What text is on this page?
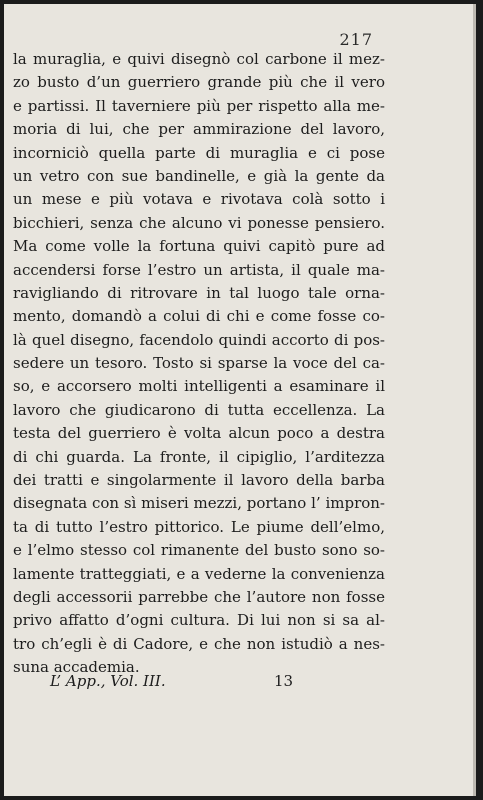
217
la muraglia, e quivi disegnò col carbone il mez-
zo busto d’un guerriero grande più che il vero
e partissi. Il taverniere più per rispetto alla me-
moria di lui, che per ammirazione del lavoro,
incorniciò quella parte di muraglia e ci pose
un vetro con sue bandinelle, e già la gente da
un mese e più votava e rivotava colà sotto i
bicchieri, senza che alcuno vi ponesse pensiero.
Ma come volle la fortuna quivi capitò pure ad
accendersi forse l’estro un artista, il quale ma-
ravigliando di ritrovare in tal luogo tale orna-
mento, domandò a colui di chi e come fosse co-
là quel disegno, facendolo quindi accorto di pos-
sedere un tesoro. Tosto si sparse la voce del ca-
so, e accorsero molti intelligenti a esaminare il
lavoro che giudicarono di tutta eccellenza. La
testa del guerriero è volta alcun poco a destra
di chi guarda. La fronte, il cipiglio, l’arditezza
dei tratti e singolarmente il lavoro della barba
disegnata con sì miseri mezzi, portano l’ impron-
ta di tutto l’estro pittorico. Le piume dell’elmo,
e l’elmo stesso col rimanente del busto sono so-
lamente tratteggiati, e a vederne la convenienza
degli accessorii parrebbe che l’autore non fosse
privo affatto d’ogni cultura. Di lui non si sa al-
tro ch’egli è di Cadore, e che non istudiò a nes-
suna accademia.
L’ App., Vol. III.	13
